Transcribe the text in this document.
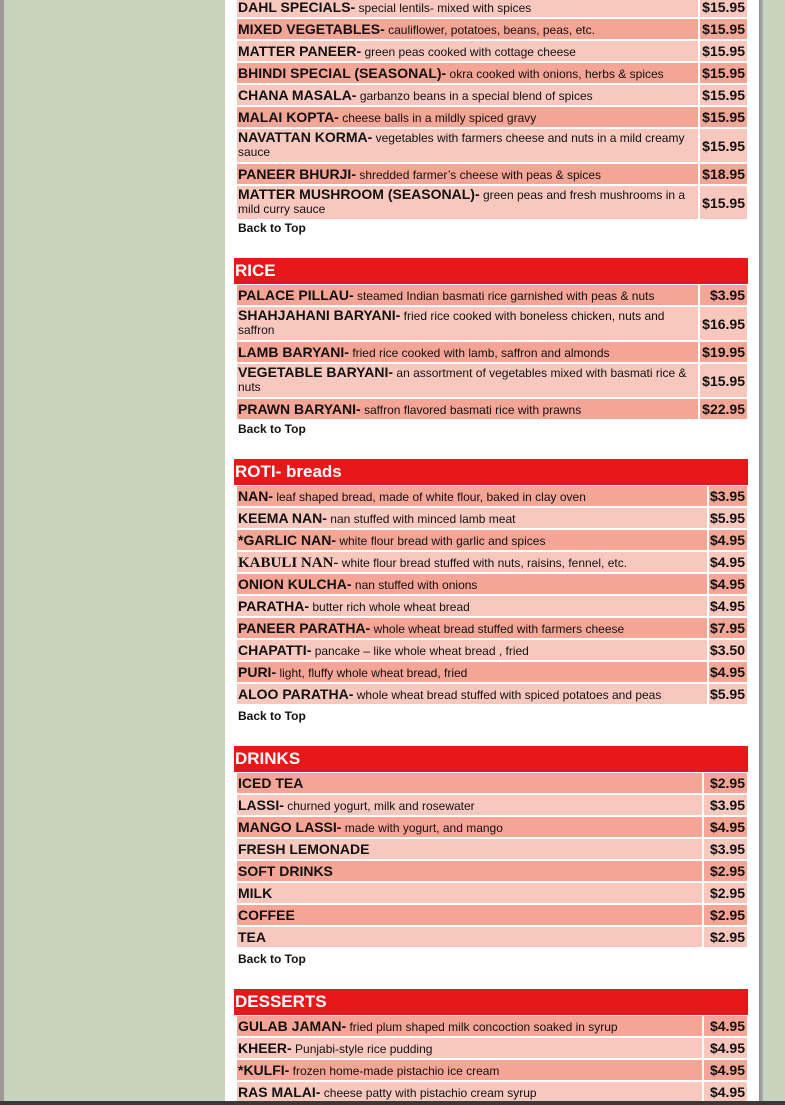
DAHL SPECIALS- special lentils- mixed with spices	$15.95
MIXED VEGETABLES- cauliflower, potatoes, beans, peas, etc.	$15.95
MATTER PANEER- green peas cooked with cottage cheese	$15.95
BHINDI SPECIAL (SEASONAL)- okra cooked with onions, herbs & spices	$15.95
CHANA MASALA- garbanzo beans in a special blend of spices	$15.95
MALAI KOPTA- cheese balls in a mildly spiced gravy	$15.95
NAVATTAN KORMA- vegetables with farmers cheese and nuts in a mild creamy sauce	$15.95
PANEER BHURJI- shredded farmer’s cheese with peas & spices	$18.95
MATTER MUSHROOM (SEASONAL)- green peas and fresh mushrooms in a mild curry sauce	$15.95
Back to Top
RICE
PALACE PILLAU- steamed Indian basmati rice garnished with peas & nuts	$3.95
SHAHJAHANI BARYANI- fried rice cooked with boneless chicken, nuts and saffron	$16.95
LAMB BARYANI- fried rice cooked with lamb, saffron and almonds	$19.95
VEGETABLE BARYANI- an assortment of vegetables mixed with basmati rice & nuts	$15.95
PRAWN BARYANI- saffron flavored basmati rice with prawns	$22.95
Back to Top
ROTI- breads
NAN- leaf shaped bread, made of white flour, baked in clay oven	$3.95
KEEMA NAN- nan stuffed with minced lamb meat	$5.95
*GARLIC NAN- white flour bread with garlic and spices	$4.95
KABULI NAN- white flour bread stuffed with nuts, raisins, fennel, etc.	$4.95
ONION KULCHA- nan stuffed with onions	$4.95
PARATHA- butter rich whole wheat bread	$4.95
PANEER PARATHA- whole wheat bread stuffed with farmers cheese	$7.95
CHAPATTI- pancake – like whole wheat bread , fried	$3.50
PURI- light, fluffy whole wheat bread, fried	$4.95
ALOO PARATHA- whole wheat bread stuffed with spiced potatoes and peas	$5.95
Back to Top
DRINKS
ICED TEA	$2.95
LASSI- churned yogurt, milk and rosewater	$3.95
MANGO LASSI- made with yogurt, and mango	$4.95
FRESH LEMONADE	$3.95
SOFT DRINKS	$2.95
MILK	$2.95
COFFEE	$2.95
TEA	$2.95
Back to Top
DESSERTS
GULAB JAMAN- fried plum shaped milk concoction soaked in syrup	$4.95
KHEER- Punjabi-style rice pudding	$4.95
*KULFI- frozen home-made pistachio ice cream	$4.95
RAS MALAI- cheese patty with pistachio cream syrup	$4.95
